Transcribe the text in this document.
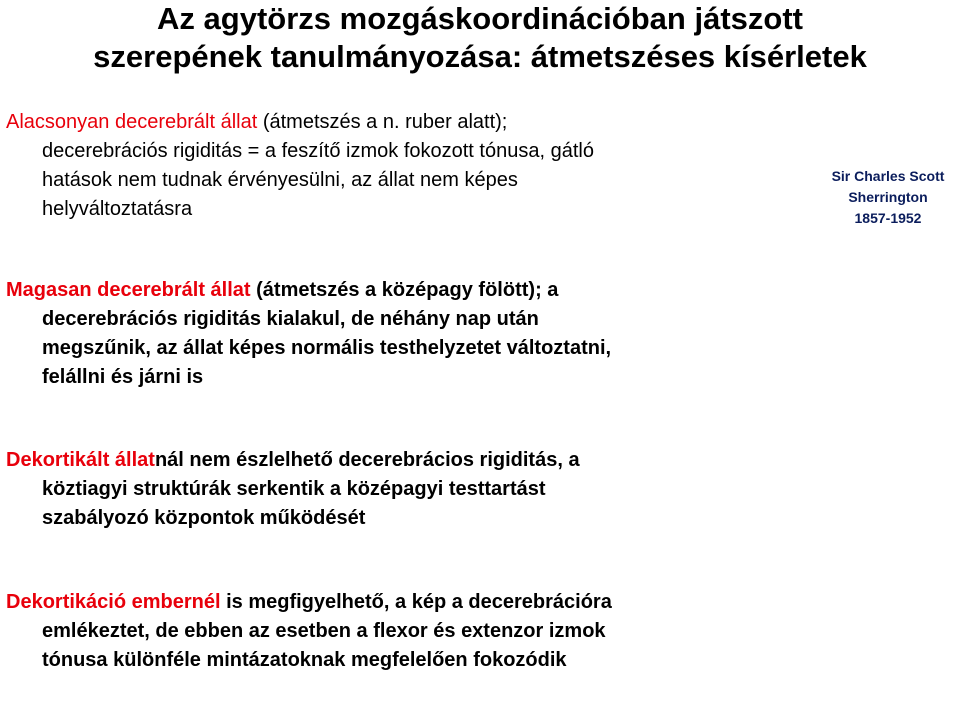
Az agytörzs mozgáskoordinációban játszott
szerepének tanulmányozása: átmetszéses kísérletek

Alacsonyan decerebrált állat (átmetszés a n. ruber alatt); decerebrációs rigiditás = a feszítő izmok fokozott tónusa, gátló hatások nem tudnak érvényesülni, az állat nem képes helyváltoztatásra

Magasan decerebrált állat (átmetszés a középagy fölött); a decerebrációs rigiditás kialakul, de néhány nap után megszűnik, az állat képes normális testhelyzetet változtatni, felállni és járni is

Dekortikált állatnál nem észlelhető decerebrácios rigiditás, a köztiagyi struktúrák serkentik a középagyi testtartást szabályozó központok működését

Dekortikáció embernél is megfigyelhető, a kép a decerebrációra emlékeztet, de ebben az esetben a flexor és extenzor izmok tónusa különféle mintázatoknak megfelelően fokozódik

Sir Charles Scott
Sherrington
1857-1952
